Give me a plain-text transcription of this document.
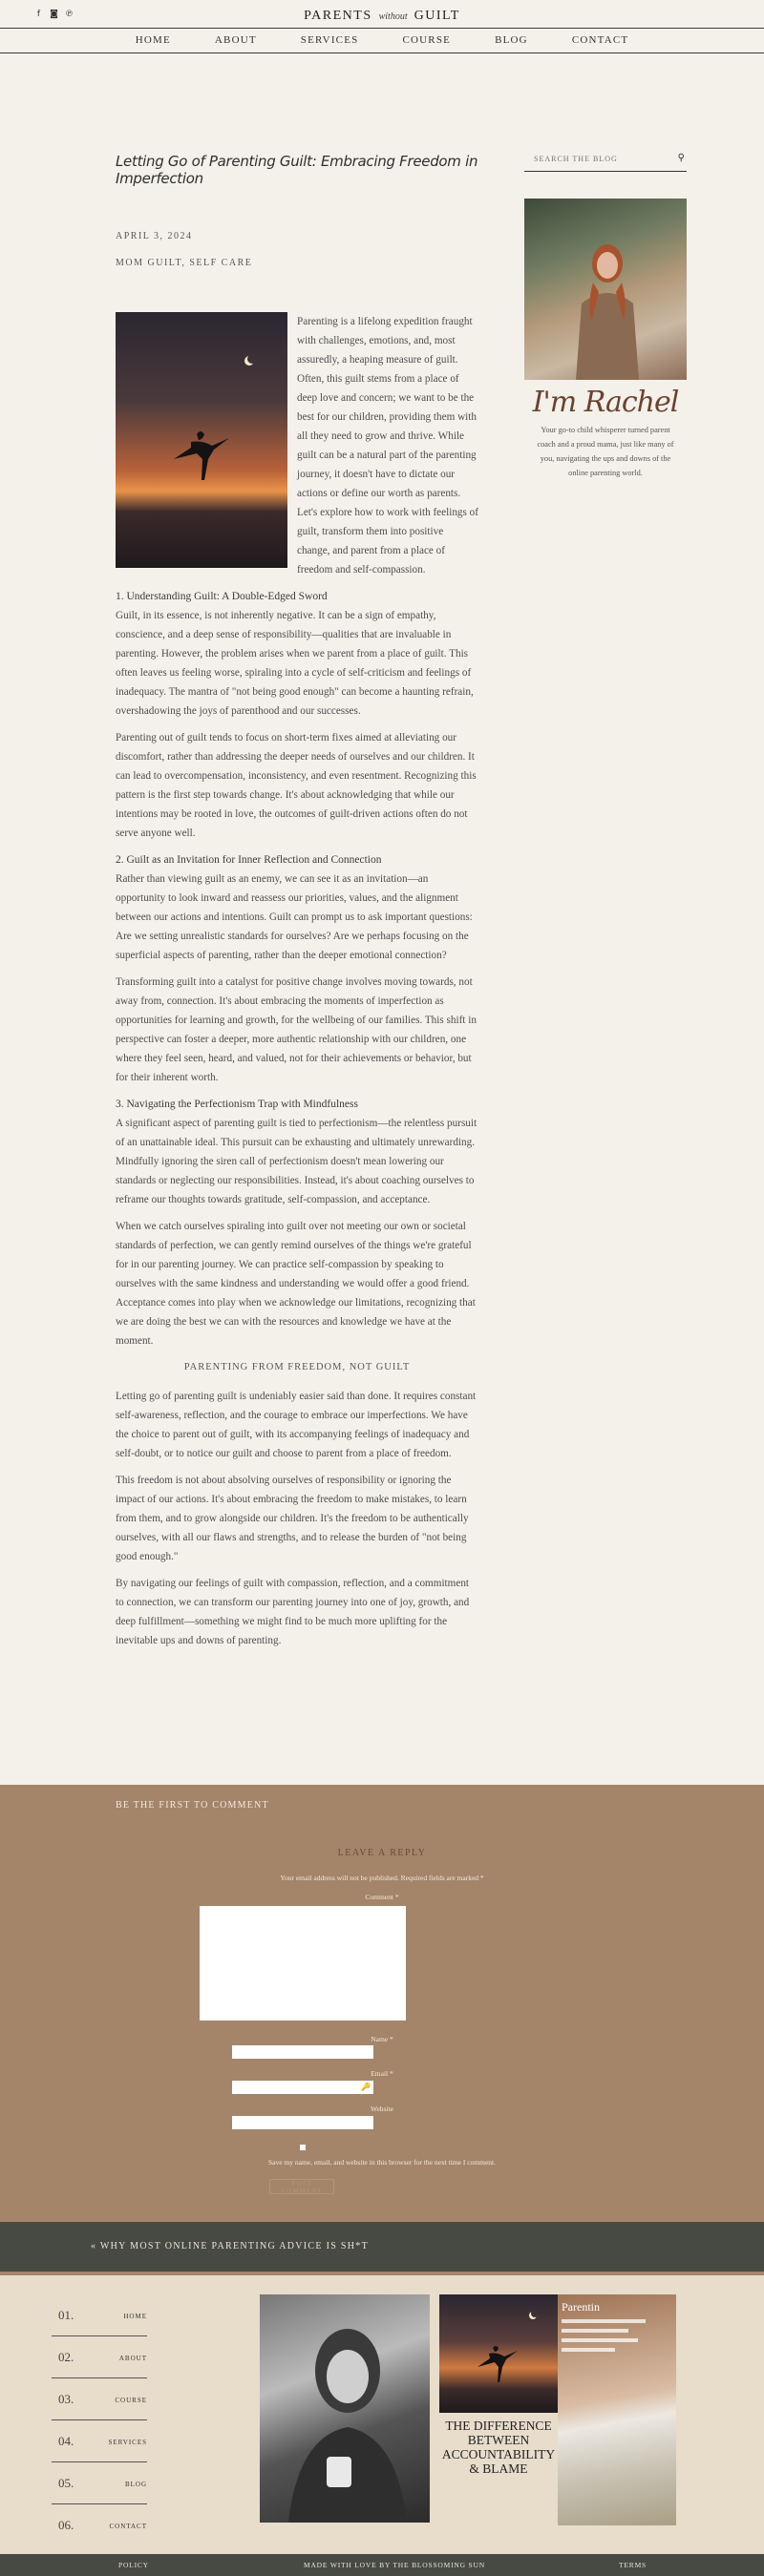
f	◙ ℗	PARENTS without GUILT
HOME	ABOUT	SERVICES	COURSE	BLOG	CONTACT
Letting Go of Parenting Guilt: Embracing Freedom in Imperfection
APRIL 3, 2024
MOM GUILT, SELF CARE

Parenting is a lifelong expedition fraught with challenges, emotions, and, most assuredly, a heaping measure of guilt. Often, this guilt stems from a place of deep love and concern; we want to be the best for our children, providing them with all they need to grow and thrive. While guilt can be a natural part of the parenting journey, it doesn't have to dictate our actions or define our worth as parents. Let's explore how to work with feelings of guilt, transform them into positive change, and parent from a place of freedom and self-compassion.

1. Understanding Guilt: A Double-Edged Sword

Guilt, in its essence, is not inherently negative. It can be a sign of empathy, conscience, and a deep sense of responsibility—qualities that are invaluable in parenting. However, the problem arises when we parent from a place of guilt. This often leaves us feeling worse, spiraling into a cycle of self-criticism and feelings of inadequacy. The mantra of "not being good enough" can become a haunting refrain, overshadowing the joys of parenthood and our successes.

Parenting out of guilt tends to focus on short-term fixes aimed at alleviating our discomfort, rather than addressing the deeper needs of ourselves and our children. It can lead to overcompensation, inconsistency, and even resentment. Recognizing this pattern is the first step towards change. It's about acknowledging that while our intentions may be rooted in love, the outcomes of guilt-driven actions often do not serve anyone well.

2. Guilt as an Invitation for Inner Reflection and Connection

Rather than viewing guilt as an enemy, we can see it as an invitation—an opportunity to look inward and reassess our priorities, values, and the alignment between our actions and intentions. Guilt can prompt us to ask important questions: Are we setting unrealistic standards for ourselves? Are we perhaps focusing on the superficial aspects of parenting, rather than the deeper emotional connection?

Transforming guilt into a catalyst for positive change involves moving towards, not away from, connection. It's about embracing the moments of imperfection as opportunities for learning and growth, for the wellbeing of our families. This shift in perspective can foster a deeper, more authentic relationship with our children, one where they feel seen, heard, and valued, not for their achievements or behavior, but for their inherent worth.

3. Navigating the Perfectionism Trap with Mindfulness

A significant aspect of parenting guilt is tied to perfectionism—the relentless pursuit of an unattainable ideal. This pursuit can be exhausting and ultimately unrewarding. Mindfully ignoring the siren call of perfectionism doesn't mean lowering our standards or neglecting our responsibilities. Instead, it's about coaching ourselves to reframe our thoughts towards gratitude, self-compassion, and acceptance.

When we catch ourselves spiraling into guilt over not meeting our own or societal standards of perfection, we can gently remind ourselves of the things we're grateful for in our parenting journey. We can practice self-compassion by speaking to ourselves with the same kindness and understanding we would offer a good friend. Acceptance comes into play when we acknowledge our limitations, recognizing that we are doing the best we can with the resources and knowledge we have at the moment.

PARENTING FROM FREEDOM, NOT GUILT

Letting go of parenting guilt is undeniably easier said than done. It requires constant self-awareness, reflection, and the courage to embrace our imperfections. We have the choice to parent out of guilt, with its accompanying feelings of inadequacy and self-doubt, or to notice our guilt and choose to parent from a place of freedom.

This freedom is not about absolving ourselves of responsibility or ignoring the impact of our actions. It's about embracing the freedom to make mistakes, to learn from them, and to grow alongside our children. It's the freedom to be authentically ourselves, with all our flaws and strengths, and to release the burden of "not being good enough."

By navigating our feelings of guilt with compassion, reflection, and a commitment to connection, we can transform our parenting journey into one of joy, growth, and deep fulfillment—something we might find to be much more uplifting for the inevitable ups and downs of parenting.

SEARCH THE BLOG
⚲
I'm Rachel
Your go-to child whisperer turned parent coach and a proud mama, just like many of you, navigating the ups and downs of the online parenting world.
BE THE FIRST TO COMMENT
LEAVE A REPLY
Your email address will not be published. Required fields are marked *
Comment *
Name *
Email *
🔑
Website
Save my name, email, and website in this browser for the next time I comment.
POST COMMENT
« WHY MOST ONLINE PARENTING ADVICE IS SH*T
01.	HOME
02.	ABOUT
03.	COURSE
04.	SERVICES
05.	BLOG
06.	CONTACT
THE DIFFERENCE BETWEEN ACCOUNTABILITY & BLAME
Parentin
POLICY	MADE WITH LOVE BY THE BLOSSOMING SUN	TERMS
